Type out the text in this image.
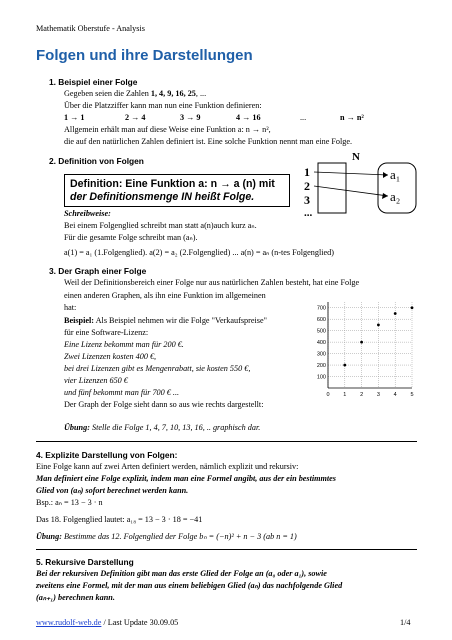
Mathematik Oberstufe - Analysis
Folgen und ihre Darstellungen
1. Beispiel einer Folge
Gegeben seien die Zahlen 1, 4, 9, 16, 25, ...
Über die Platzziffer kann man nun eine Funktion definieren:
1 → 1	2 → 4	3 → 9	4 → 16	...	n → n²
Allgemein erhält man auf diese Weise eine Funktion a: n → n²,
die auf den natürlichen Zahlen definiert ist. Eine solche Funktion nennt man eine Folge.
2. Definition von Folgen
Definition: Eine Funktion a: n → a (n) mit
der Definitionsmenge IN heißt Folge.
N
1
2
3
...
a₁
a₂
Schreibweise:
Bei einem Folgenglied schreibt man statt a(n)auch kurz aₙ.
Für die gesamte Folge schreibt man (aₙ).
a(1) = a₁ (1.Folgenglied). a(2) = a₂ (2.Folgenglied) ... a(n) = aₙ (n-tes Folgenglied)
3. Der Graph einer Folge
Weil der Definitionsbereich einer Folge nur aus natürlichen Zahlen besteht, hat eine Folge
einen anderen Graphen, als ihn eine Funktion im allgemeinen
hat:
Beispiel: Als Beispiel nehmen wir die Folge "Verkaufspreise"
für eine Software-Lizenz:
Eine Lizenz bekommt man für 200 €.
Zwei Lizenzen kosten 400 €,
bei drei Lizenzen gibt es Mengenrabatt, sie kosten 550 €,
vier Lizenzen 650 €
und fünf bekommt man für 700 € ...
Der Graph der Folge sieht dann so aus wie rechts dargestellt:
Übung: Stelle die Folge 1, 4, 7, 10, 13, 16, .. graphisch dar.
100
200
300
400
500
600
700
0 1 2 3 4 5
4. Explizite Darstellung von Folgen:
Eine Folge kann auf zwei Arten definiert werden, nämlich explizit und rekursiv:
Man definiert eine Folge explizit, indem man eine Formel angibt, aus der ein bestimmtes
Glied von (aₙ) sofort berechnet werden kann.
Bsp.: aₙ = 13 − 3 · n
Das 18. Folgenglied lautet: a₁₈ = 13 − 3 · 18 = −41
Übung: Bestimme das 12. Folgenglied der Folge bₙ = (−n)² + n − 3 (ab n = 1)
5. Rekursive Darstellung
Bei der rekursiven Definition gibt man das erste Glied der Folge an (a₀ oder a₁), sowie
zweitens eine Formel, mit der man aus einem beliebigen Glied (aₙ) das nachfolgende Glied
(aₙ₊₁) berechnen kann.
www.rudolf-web.de / Last Update 30.09.05	1/4
